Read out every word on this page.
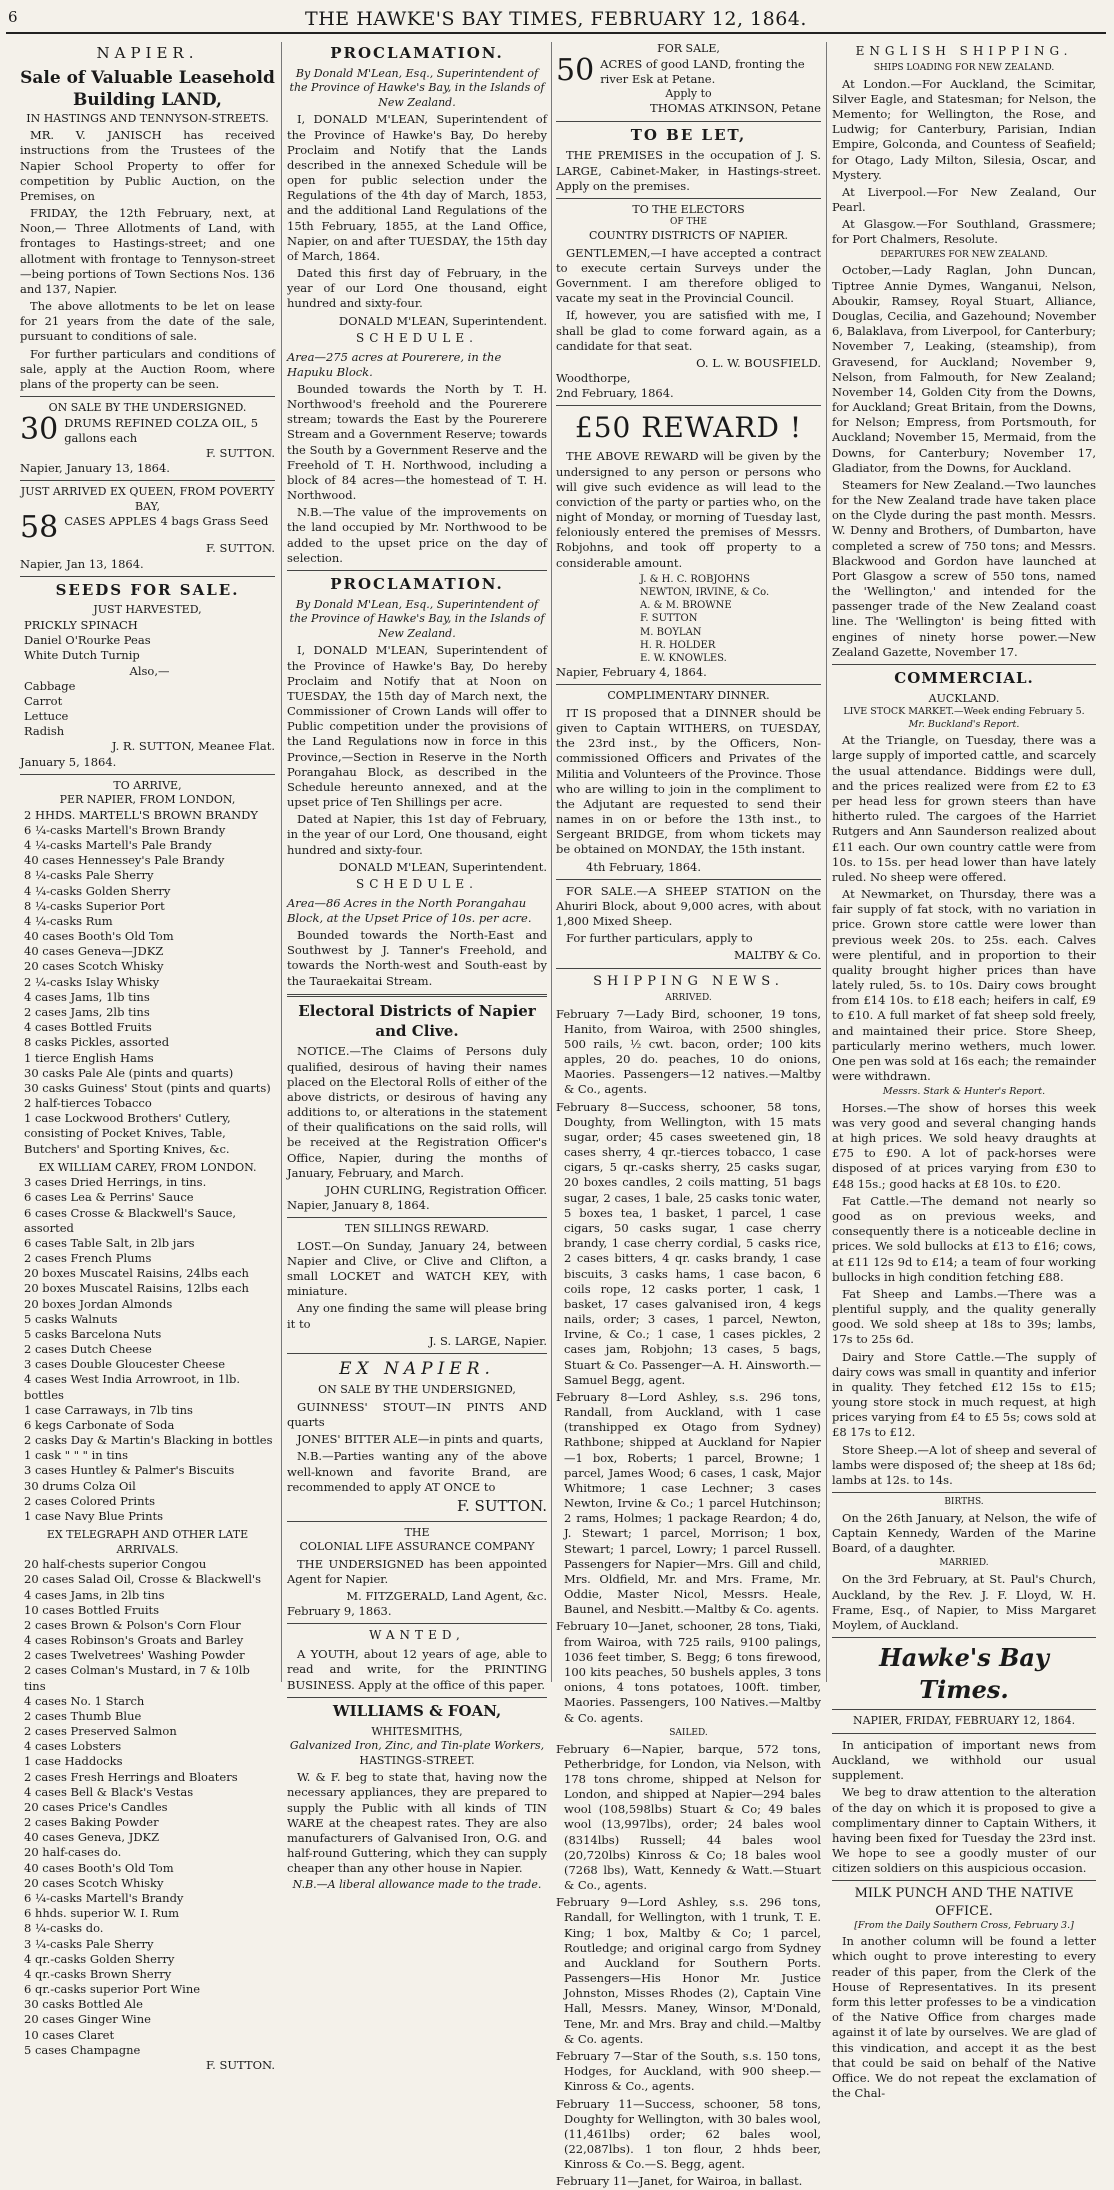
6	THE HAWKE'S BAY TIMES, FEBRUARY 12, 1864.
NAPIER.
Sale of Valuable Leasehold Building LAND,
IN HASTINGS AND TENNYSON-STREETS.

MR. V. JANISCH has received instructions from the Trustees of the Napier School Property to offer for competition by Public Auction, on the Premises, on

FRIDAY, the 12th February, next, at Noon,— Three Allotments of Land, with frontages to Hastings-street; and one allotment with frontage to Tennyson-street—being portions of Town Sections Nos. 136 and 137, Napier.

The above allotments to be let on lease for 21 years from the date of the sale, pursuant to conditions of sale.

For further particulars and conditions of sale, apply at the Auction Room, where plans of the property can be seen.

ON SALE BY THE UNDERSIGNED.
30 DRUMS REFINED COLZA OIL, 5 gallons each
F. SUTTON.
Napier, January 13, 1864.
JUST ARRIVED EX QUEEN, FROM POVERTY BAY,
58 CASES APPLES 4 bags Grass Seed
F. SUTTON.
Napier, Jan 13, 1864.
SEEDS FOR SALE.
JUST HARVESTED,
PRICKLY SPINACH
Daniel O'Rourke Peas
White Dutch Turnip
Also,—
Cabbage
Carrot
Lettuce
Radish
J. R. SUTTON, Meanee Flat.
January 5, 1864.
TO ARRIVE,
PER NAPIER, FROM LONDON,
2 HHDS. MARTELL'S BROWN BRANDY
6 ¼-casks Martell's Brown Brandy
4 ¼-casks Martell's Pale Brandy
40 cases Hennessey's Pale Brandy
8 ¼-casks Pale Sherry
4 ¼-casks Golden Sherry
8 ¼-casks Superior Port
4 ¼-casks Rum
40 cases Booth's Old Tom
40 cases Geneva—JDKZ
20 cases Scotch Whisky
2 ¼-casks Islay Whisky
4 cases Jams, 1lb tins
2 cases Jams, 2lb tins
4 cases Bottled Fruits
8 casks Pickles, assorted
1 tierce English Hams
30 casks Pale Ale (pints and quarts)
30 casks Guiness' Stout (pints and quarts)
2 half-tierces Tobacco
1 case Lockwood Brothers' Cutlery, consisting of Pocket Knives, Table, Butchers' and Sporting Knives, &c.
EX WILLIAM CAREY, FROM LONDON.
3 cases Dried Herrings, in tins.
6 cases Lea & Perrins' Sauce
6 cases Crosse & Blackwell's Sauce, assorted
6 cases Table Salt, in 2lb jars
2 cases French Plums
20 boxes Muscatel Raisins, 24lbs each
20 boxes Muscatel Raisins, 12lbs each
20 boxes Jordan Almonds
5 casks Walnuts
5 casks Barcelona Nuts
2 cases Dutch Cheese
3 cases Double Gloucester Cheese
4 cases West India Arrowroot, in 1lb. bottles
1 case Carraways, in 7lb tins
6 kegs Carbonate of Soda
2 casks Day & Martin's Blacking in bottles
1 cask " " " in tins
3 cases Huntley & Palmer's Biscuits
30 drums Colza Oil
2 cases Colored Prints
1 case Navy Blue Prints
EX TELEGRAPH AND OTHER LATE ARRIVALS.
20 half-chests superior Congou
20 cases Salad Oil, Crosse & Blackwell's
4 cases Jams, in 2lb tins
10 cases Bottled Fruits
2 cases Brown & Polson's Corn Flour
4 cases Robinson's Groats and Barley
2 cases Twelvetrees' Washing Powder
2 cases Colman's Mustard, in 7 & 10lb tins
4 cases No. 1 Starch
2 cases Thumb Blue
2 cases Preserved Salmon
4 cases Lobsters
1 case Haddocks
2 cases Fresh Herrings and Bloaters
4 cases Bell & Black's Vestas
20 cases Price's Candles
2 cases Baking Powder
40 cases Geneva, JDKZ
20 half-cases do.
40 cases Booth's Old Tom
20 cases Scotch Whisky
6 ¼-casks Martell's Brandy
6 hhds. superior W. I. Rum
8 ¼-casks do.
3 ¼-casks Pale Sherry
4 qr.-casks Golden Sherry
4 qr.-casks Brown Sherry
6 qr.-casks superior Port Wine
30 casks Bottled Ale
20 cases Ginger Wine
10 cases Claret
5 cases Champagne
F. SUTTON.
PROCLAMATION.
By Donald M'Lean, Esq., Superintendent of the Province of Hawke's Bay, in the Islands of New Zealand.

I, DONALD M'LEAN, Superintendent of the Province of Hawke's Bay, Do hereby Proclaim and Notify that the Lands described in the annexed Schedule will be open for public selection under the Regulations of the 4th day of March, 1853, and the additional Land Regulations of the 15th February, 1855, at the Land Office, Napier, on and after TUESDAY, the 15th day of March, 1864.

Dated this first day of February, in the year of our Lord One thousand, eight hundred and sixty-four.

DONALD M'LEAN, Superintendent.
SCHEDULE.
Area—275 acres at Pourerere, in the Hapuku Block.

Bounded towards the North by T. H. Northwood's freehold and the Pourerere stream; towards the East by the Pourerere Stream and a Government Reserve; towards the South by a Government Reserve and the Freehold of T. H. Northwood, including a block of 84 acres—the homestead of T. H. Northwood.

N.B.—The value of the improvements on the land occupied by Mr. Northwood to be added to the upset price on the day of selection.

PROCLAMATION.
By Donald M'Lean, Esq., Superintendent of the Province of Hawke's Bay, in the Islands of New Zealand.

I, DONALD M'LEAN, Superintendent of the Province of Hawke's Bay, Do hereby Proclaim and Notify that at Noon on TUESDAY, the 15th day of March next, the Commissioner of Crown Lands will offer to Public competition under the provisions of the Land Regulations now in force in this Province,—Section in Reserve in the North Porangahau Block, as described in the Schedule hereunto annexed, and at the upset price of Ten Shillings per acre.

Dated at Napier, this 1st day of February, in the year of our Lord, One thousand, eight hundred and sixty-four.

DONALD M'LEAN, Superintendent.
SCHEDULE.
Area—86 Acres in the North Porangahau Block, at the Upset Price of 10s. per acre.

Bounded towards the North-East and Southwest by J. Tanner's Freehold, and towards the North-west and South-east by the Tauraekaitai Stream.

Electoral Districts of Napier and Clive.

NOTICE.—The Claims of Persons duly qualified, desirous of having their names placed on the Electoral Rolls of either of the above districts, or desirous of having any additions to, or alterations in the statement of their qualifications on the said rolls, will be received at the Registration Officer's Office, Napier, during the months of January, February, and March.

JOHN CURLING, Registration Officer.
Napier, January 8, 1864.
TEN SILLINGS REWARD.

LOST.—On Sunday, January 24, between Napier and Clive, or Clive and Clifton, a small LOCKET and WATCH KEY, with miniature.

Any one finding the same will please bring it to

J. S. LARGE, Napier.
EX NAPIER.
ON SALE BY THE UNDERSIGNED,

GUINNESS' STOUT—IN PINTS AND quarts

JONES' BITTER ALE—in pints and quarts,

N.B.—Parties wanting any of the above well-known and favorite Brand, are recommended to apply AT ONCE to

F. SUTTON.
THE
COLONIAL LIFE ASSURANCE COMPANY

THE UNDERSIGNED has been appointed Agent for Napier.

M. FITZGERALD, Land Agent, &c.
February 9, 1863.
WANTED,

A YOUTH, about 12 years of age, able to read and write, for the PRINTING BUSINESS. Apply at the office of this paper.

WILLIAMS & FOAN,
WHITESMITHS,
Galvanized Iron, Zinc, and Tin-plate Workers,
HASTINGS-STREET.

W. & F. beg to state that, having now the necessary appliances, they are prepared to supply the Public with all kinds of TIN WARE at the cheapest rates. They are also manufacturers of Galvanised Iron, O.G. and half-round Guttering, which they can supply cheaper than any other house in Napier.

N.B.—A liberal allowance made to the trade.
FOR SALE,
50 ACRES of good LAND, fronting the river Esk at Petane.
Apply to
THOMAS ATKINSON, Petane
TO BE LET,

THE PREMISES in the occupation of J. S. LARGE, Cabinet-Maker, in Hastings-street. Apply on the premises.

TO THE ELECTORS
OF THE
COUNTRY DISTRICTS OF NAPIER.

GENTLEMEN,—I have accepted a contract to execute certain Surveys under the Government. I am therefore obliged to vacate my seat in the Provincial Council.

If, however, you are satisfied with me, I shall be glad to come forward again, as a candidate for that seat.

O. L. W. BOUSFIELD.
Woodthorpe,
2nd February, 1864.
£50 REWARD !

THE ABOVE REWARD will be given by the undersigned to any person or persons who will give such evidence as will lead to the conviction of the party or parties who, on the night of Monday, or morning of Tuesday last, feloniously entered the premises of Messrs. Robjohns, and took off property to a considerable amount.

J. & H. C. ROBJOHNS
NEWTON, IRVINE, & Co.
A. & M. BROWNE
F. SUTTON
M. BOYLAN
H. R. HOLDER
E. W. KNOWLES.
Napier, February 4, 1864.
COMPLIMENTARY DINNER.

IT IS proposed that a DINNER should be given to Captain WITHERS, on TUESDAY, the 23rd inst., by the Officers, Non-commissioned Officers and Privates of the Militia and Volunteers of the Province. Those who are willing to join in the compliment to the Adjutant are requested to send their names in on or before the 13th inst., to Sergeant BRIDGE, from whom tickets may be obtained on MONDAY, the 15th instant.

4th February, 1864.

FOR SALE.—A SHEEP STATION on the Ahuriri Block, about 9,000 acres, with about 1,800 Mixed Sheep.

For further particulars, apply to

MALTBY & Co.
SHIPPING NEWS.
ARRIVED.
February 7—Lady Bird, schooner, 19 tons, Hanito, from Wairoa, with 2500 shingles, 500 rails, ½ cwt. bacon, order; 100 kits apples, 20 do. peaches, 10 do onions, Maories. Passengers—12 natives.—Maltby & Co., agents.
February 8—Success, schooner, 58 tons, Doughty, from Wellington, with 15 mats sugar, order; 45 cases sweetened gin, 18 cases sherry, 4 qr.-tierces tobacco, 1 case cigars, 5 qr.-casks sherry, 25 casks sugar, 20 boxes candles, 2 coils matting, 51 bags sugar, 2 cases, 1 bale, 25 casks tonic water, 5 boxes tea, 1 basket, 1 parcel, 1 case cigars, 50 casks sugar, 1 case cherry brandy, 1 case cherry cordial, 5 casks rice, 2 cases bitters, 4 qr. casks brandy, 1 case biscuits, 3 casks hams, 1 case bacon, 6 coils rope, 12 casks porter, 1 cask, 1 basket, 17 cases galvanised iron, 4 kegs nails, order; 3 cases, 1 parcel, Newton, Irvine, & Co.; 1 case, 1 cases pickles, 2 cases jam, Robjohn; 13 cases, 5 bags, Stuart & Co. Passenger—A. H. Ainsworth.—Samuel Begg, agent.
February 8—Lord Ashley, s.s. 296 tons, Randall, from Auckland, with 1 case (transhipped ex Otago from Sydney) Rathbone; shipped at Auckland for Napier—1 box, Roberts; 1 parcel, Browne; 1 parcel, James Wood; 6 cases, 1 cask, Major Whitmore; 1 case Lechner; 3 cases Newton, Irvine & Co.; 1 parcel Hutchinson; 2 rams, Holmes; 1 package Reardon; 4 do, J. Stewart; 1 parcel, Morrison; 1 box, Stewart; 1 parcel, Lowry; 1 parcel Russell. Passengers for Napier—Mrs. Gill and child, Mrs. Oldfield, Mr. and Mrs. Frame, Mr. Oddie, Master Nicol, Messrs. Heale, Baunel, and Nesbitt.—Maltby & Co. agents.
February 10—Janet, schooner, 28 tons, Tiaki, from Wairoa, with 725 rails, 9100 palings, 1036 feet timber, S. Begg; 6 tons firewood, 100 kits peaches, 50 bushels apples, 3 tons onions, 4 tons potatoes, 100ft. timber, Maories. Passengers, 100 Natives.—Maltby & Co. agents.
SAILED.
February 6—Napier, barque, 572 tons, Petherbridge, for London, via Nelson, with 178 tons chrome, shipped at Nelson for London, and shipped at Napier—294 bales wool (108,598lbs) Stuart & Co; 49 bales wool (13,997lbs), order; 24 bales wool (8314lbs) Russell; 44 bales wool (20,720lbs) Kinross & Co; 18 bales wool (7268 lbs), Watt, Kennedy & Watt.—Stuart & Co., agents.
February 9—Lord Ashley, s.s. 296 tons, Randall, for Wellington, with 1 trunk, T. E. King; 1 box, Maltby & Co; 1 parcel, Routledge; and original cargo from Sydney and Auckland for Southern Ports. Passengers—His Honor Mr. Justice Johnston, Misses Rhodes (2), Captain Vine Hall, Messrs. Maney, Winsor, M'Donald, Tene, Mr. and Mrs. Bray and child.—Maltby & Co. agents.
February 7—Star of the South, s.s. 150 tons, Hodges, for Auckland, with 900 sheep.—Kinross & Co., agents.
February 11—Success, schooner, 58 tons, Doughty for Wellington, with 30 bales wool, (11,461lbs) order; 62 bales wool, (22,087lbs). 1 ton flour, 2 hhds beer, Kinross & Co.—S. Begg, agent.
February 11—Janet, for Wairoa, in ballast.
ENGLISH SHIPPING.
SHIPS LOADING FOR NEW ZEALAND.

At London.—For Auckland, the Scimitar, Silver Eagle, and Statesman; for Nelson, the Memento; for Wellington, the Rose, and Ludwig; for Canterbury, Parisian, Indian Empire, Golconda, and Countess of Seafield; for Otago, Lady Milton, Silesia, Oscar, and Mystery.

At Liverpool.—For New Zealand, Our Pearl.

At Glasgow.—For Southland, Grassmere; for Port Chalmers, Resolute.

DEPARTURES FOR NEW ZEALAND.

October,—Lady Raglan, John Duncan, Tiptree Annie Dymes, Wanganui, Nelson, Aboukir, Ramsey, Royal Stuart, Alliance, Douglas, Cecilia, and Gazehound; November 6, Balaklava, from Liverpool, for Canterbury; November 7, Leaking, (steamship), from Gravesend, for Auckland; November 9, Nelson, from Falmouth, for New Zealand; November 14, Golden City from the Downs, for Auckland; Great Britain, from the Downs, for Nelson; Empress, from Portsmouth, for Auckland; November 15, Mermaid, from the Downs, for Canterbury; November 17, Gladiator, from the Downs, for Auckland.

Steamers for New Zealand.—Two launches for the New Zealand trade have taken place on the Clyde during the past month. Messrs. W. Denny and Brothers, of Dumbarton, have completed a screw of 750 tons; and Messrs. Blackwood and Gordon have launched at Port Glasgow a screw of 550 tons, named the 'Wellington,' and intended for the passenger trade of the New Zealand coast line. The 'Wellington' is being fitted with engines of ninety horse power.—New Zealand Gazette, November 17.

COMMERCIAL.
AUCKLAND.
LIVE STOCK MARKET.—Week ending February 5.
Mr. Buckland's Report.

At the Triangle, on Tuesday, there was a large supply of imported cattle, and scarcely the usual attendance. Biddings were dull, and the prices realized were from £2 to £3 per head less for grown steers than have hitherto ruled. The cargoes of the Harriet Rutgers and Ann Saunderson realized about £11 each. Our own country cattle were from 10s. to 15s. per head lower than have lately ruled. No sheep were offered.

At Newmarket, on Thursday, there was a fair supply of fat stock, with no variation in price. Grown store cattle were lower than previous week 20s. to 25s. each. Calves were plentiful, and in proportion to their quality brought higher prices than have lately ruled, 5s. to 10s. Dairy cows brought from £14 10s. to £18 each; heifers in calf, £9 to £10. A full market of fat sheep sold freely, and maintained their price. Store Sheep, particularly merino wethers, much lower. One pen was sold at 16s each; the remainder were withdrawn.

Messrs. Stark & Hunter's Report.

Horses.—The show of horses this week was very good and several changing hands at high prices. We sold heavy draughts at £75 to £90. A lot of pack-horses were disposed of at prices varying from £30 to £48 15s.; good hacks at £8 10s. to £20.

Fat Cattle.—The demand not nearly so good as on previous weeks, and consequently there is a noticeable decline in prices. We sold bullocks at £13 to £16; cows, at £11 12s 9d to £14; a team of four working bullocks in high condition fetching £88.

Fat Sheep and Lambs.—There was a plentiful supply, and the quality generally good. We sold sheep at 18s to 39s; lambs, 17s to 25s 6d.

Dairy and Store Cattle.—The supply of dairy cows was small in quantity and inferior in quality. They fetched £12 15s to £15; young store stock in much request, at high prices varying from £4 to £5 5s; cows sold at £8 17s to £12.

Store Sheep.—A lot of sheep and several of lambs were disposed of; the sheep at 18s 6d; lambs at 12s. to 14s.

BIRTHS.

On the 26th January, at Nelson, the wife of Captain Kennedy, Warden of the Marine Board, of a daughter.

MARRIED.

On the 3rd February, at St. Paul's Church, Auckland, by the Rev. J. F. Lloyd, W. H. Frame, Esq., of Napier, to Miss Margaret Moylem, of Auckland.

Hawke's Bay Times.
NAPIER, FRIDAY, FEBRUARY 12, 1864.

In anticipation of important news from Auckland, we withhold our usual supplement.

We beg to draw attention to the alteration of the day on which it is proposed to give a complimentary dinner to Captain Withers, it having been fixed for Tuesday the 23rd inst. We hope to see a goodly muster of our citizen soldiers on this auspicious occasion.

MILK PUNCH AND THE NATIVE OFFICE.
[From the Daily Southern Cross, February 3.]

In another column will be found a letter which ought to prove interesting to every reader of this paper, from the Clerk of the House of Representatives. In its present form this letter professes to be a vindication of the Native Office from charges made against it of late by ourselves. We are glad of this vindication, and accept it as the best that could be said on behalf of the Native Office. We do not repeat the exclamation of the Chal-
